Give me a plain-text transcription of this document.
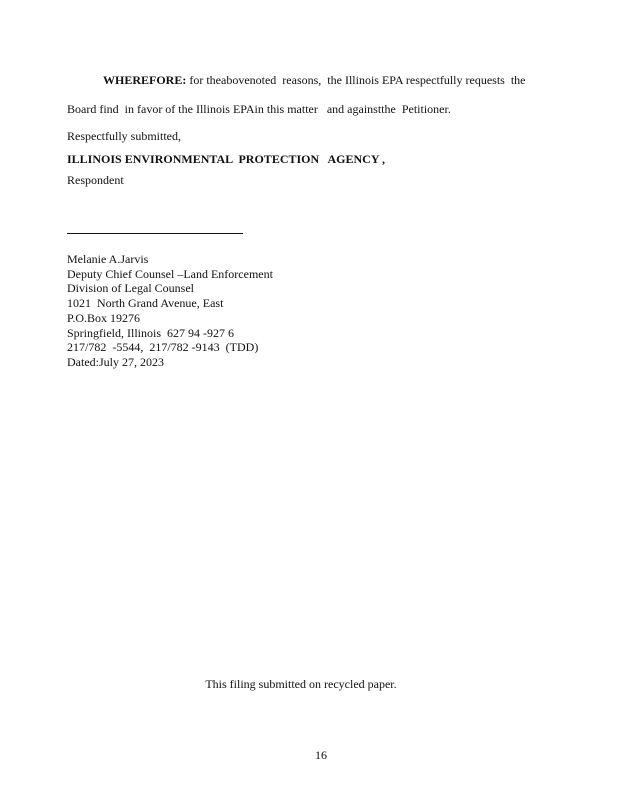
WHEREFORE: for theabovenoted  reasons,  the Illinois EPA respectfully requests  the
Board find  in favor of the Illinois EPAin this matter   and againstthe  Petitioner.
Respectfully submitted,
ILLINOIS ENVIRONMENTAL  PROTECTION   AGENCY ,
Respondent
Melanie A.Jarvis
Deputy Chief Counsel –Land Enforcement
Division of Legal Counsel
1021  North Grand Avenue, East
P.O.Box 19276
Springfield, Illinois  627 94 -927 6
217/782  -5544,  217/782 -9143  (TDD)
Dated:July 27, 2023
This filing submitted on recycled paper.
16
